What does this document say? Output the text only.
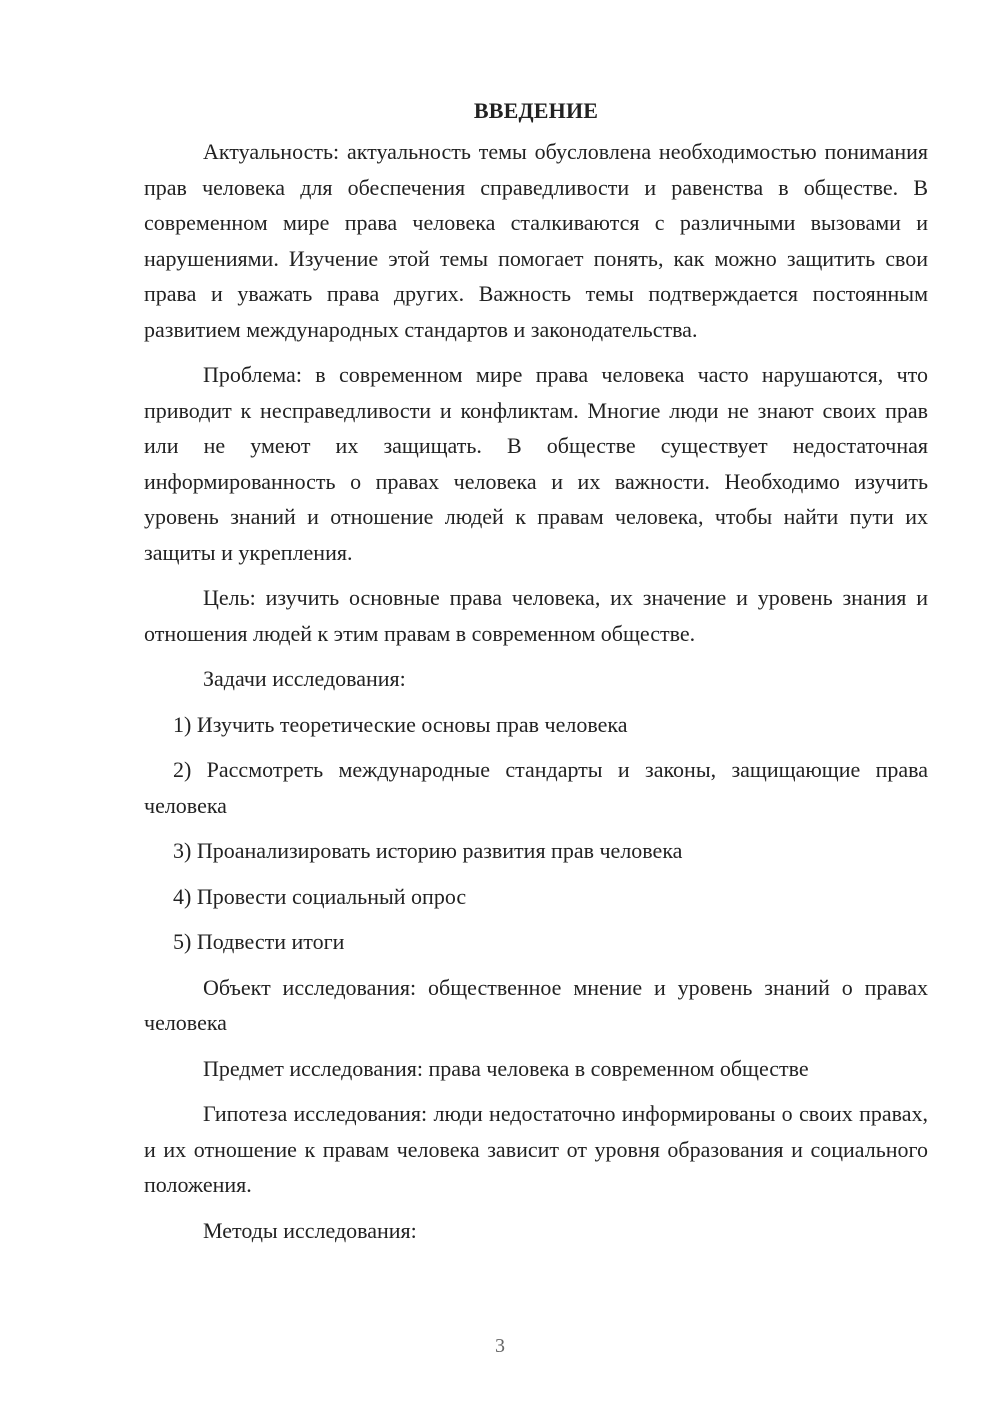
ВВЕДЕНИЕ

Актуальность: актуальность темы обусловлена необходимостью понимания прав человека для обеспечения справедливости и равенства в обществе. В современном мире права человека сталкиваются с различными вызовами и нарушениями. Изучение этой темы помогает понять, как можно защитить свои права и уважать права других. Важность темы подтверждается постоянным развитием международных стандартов и законодательства.

Проблема: в современном мире права человека часто нарушаются, что приводит к несправедливости и конфликтам. Многие люди не знают своих прав или не умеют их защищать. В обществе существует недостаточная информированность о правах человека и их важности. Необходимо изучить уровень знаний и отношение людей к правам человека, чтобы найти пути их защиты и укрепления.

Цель: изучить основные права человека, их значение и уровень знания и отношения людей к этим правам в современном обществе.

Задачи исследования:

1) Изучить теоретические основы прав человека

2) Рассмотреть международные стандарты и законы, защищающие права человека

3) Проанализировать историю развития прав человека

4) Провести социальный опрос

5) Подвести итоги

Объект исследования: общественное мнение и уровень знаний о правах человека

Предмет исследования: права человека в современном обществе

Гипотеза исследования: люди недостаточно информированы о своих правах, и их отношение к правам человека зависит от уровня образования и социального положения.

Методы исследования:

3
